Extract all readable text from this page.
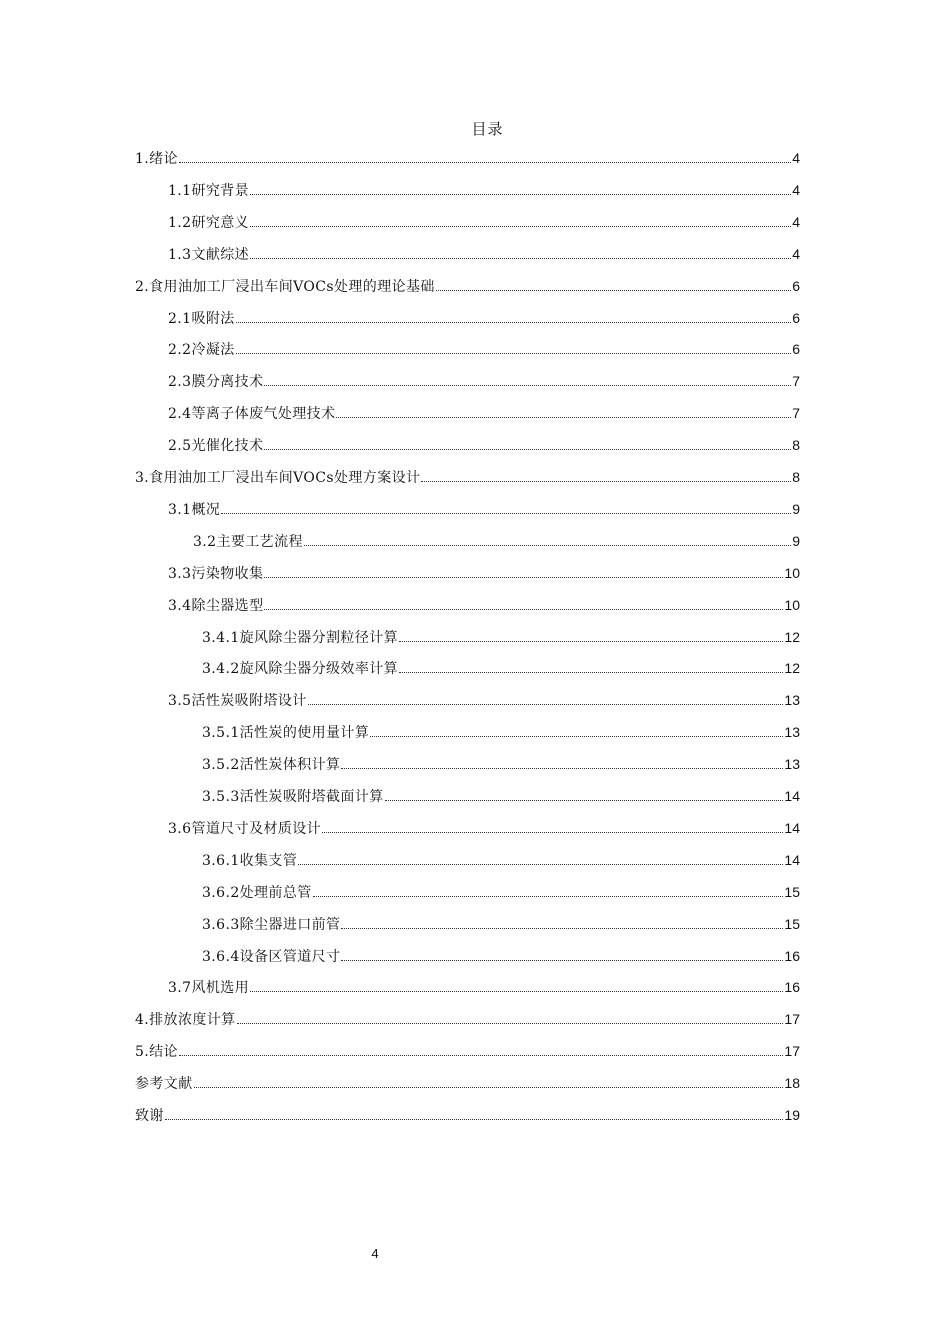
目录
1.绪论	4
1.1研究背景	4
1.2研究意义	4
1.3文献综述	4
2.食用油加工厂浸出车间VOCs处理的理论基础	6
2.1吸附法	6
2.2冷凝法	6
2.3膜分离技术	7
2.4等离子体废气处理技术	7
2.5光催化技术	8
3.食用油加工厂浸出车间VOCs处理方案设计	8
3.1概况	9
3.2主要工艺流程	9
3.3污染物收集	10
3.4除尘器选型	10
3.4.1旋风除尘器分割粒径计算	12
3.4.2旋风除尘器分级效率计算	12
3.5活性炭吸附塔设计	13
3.5.1活性炭的使用量计算	13
3.5.2活性炭体积计算	13
3.5.3活性炭吸附塔截面计算	14
3.6管道尺寸及材质设计	14
3.6.1收集支管	14
3.6.2处理前总管	15
3.6.3除尘器进口前管	15
3.6.4设备区管道尺寸	16
3.7风机选用	16
4.排放浓度计算	17
5.结论	17
参考文献	18
致谢	19
4
